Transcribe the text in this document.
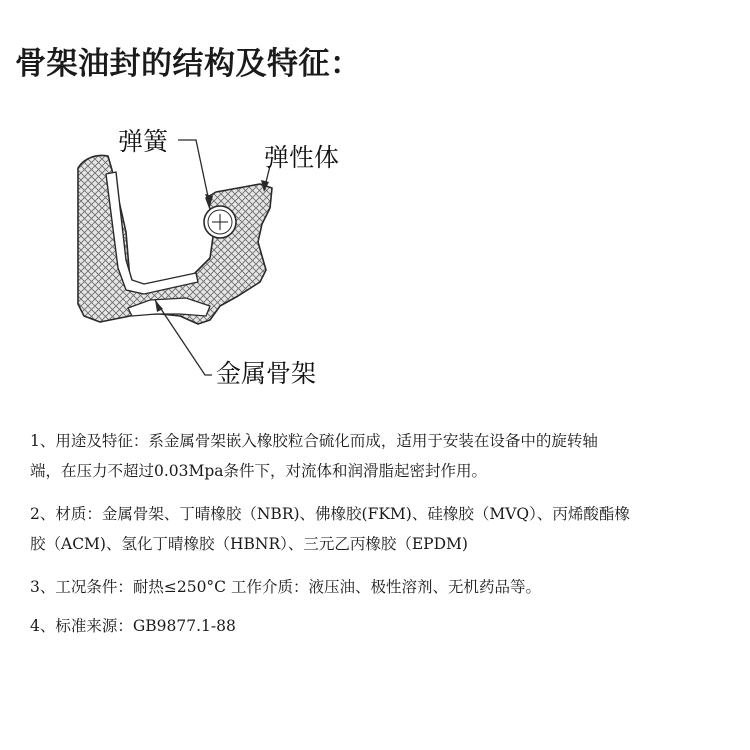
骨架油封的结构及特征：
弹簧
弹性体
金属骨架
1、用途及特征：系金属骨架嵌入橡胶粒合硫化而成，适用于安装在设备中的旋转轴
端，在压力不超过0.03Mpa条件下，对流体和润滑脂起密封作用。
2、材质：金属骨架、丁晴橡胶（NBR)、佛橡胶(FKM)、硅橡胶（MVQ）、丙烯酸酯橡
胶（ACM)、氢化丁晴橡胶（HBNR）、三元乙丙橡胶（EPDM)
3、工况条件：耐热≤250°C 工作介质：液压油、极性溶剂、无机药品等。
4、标准来源：GB9877.1-88
